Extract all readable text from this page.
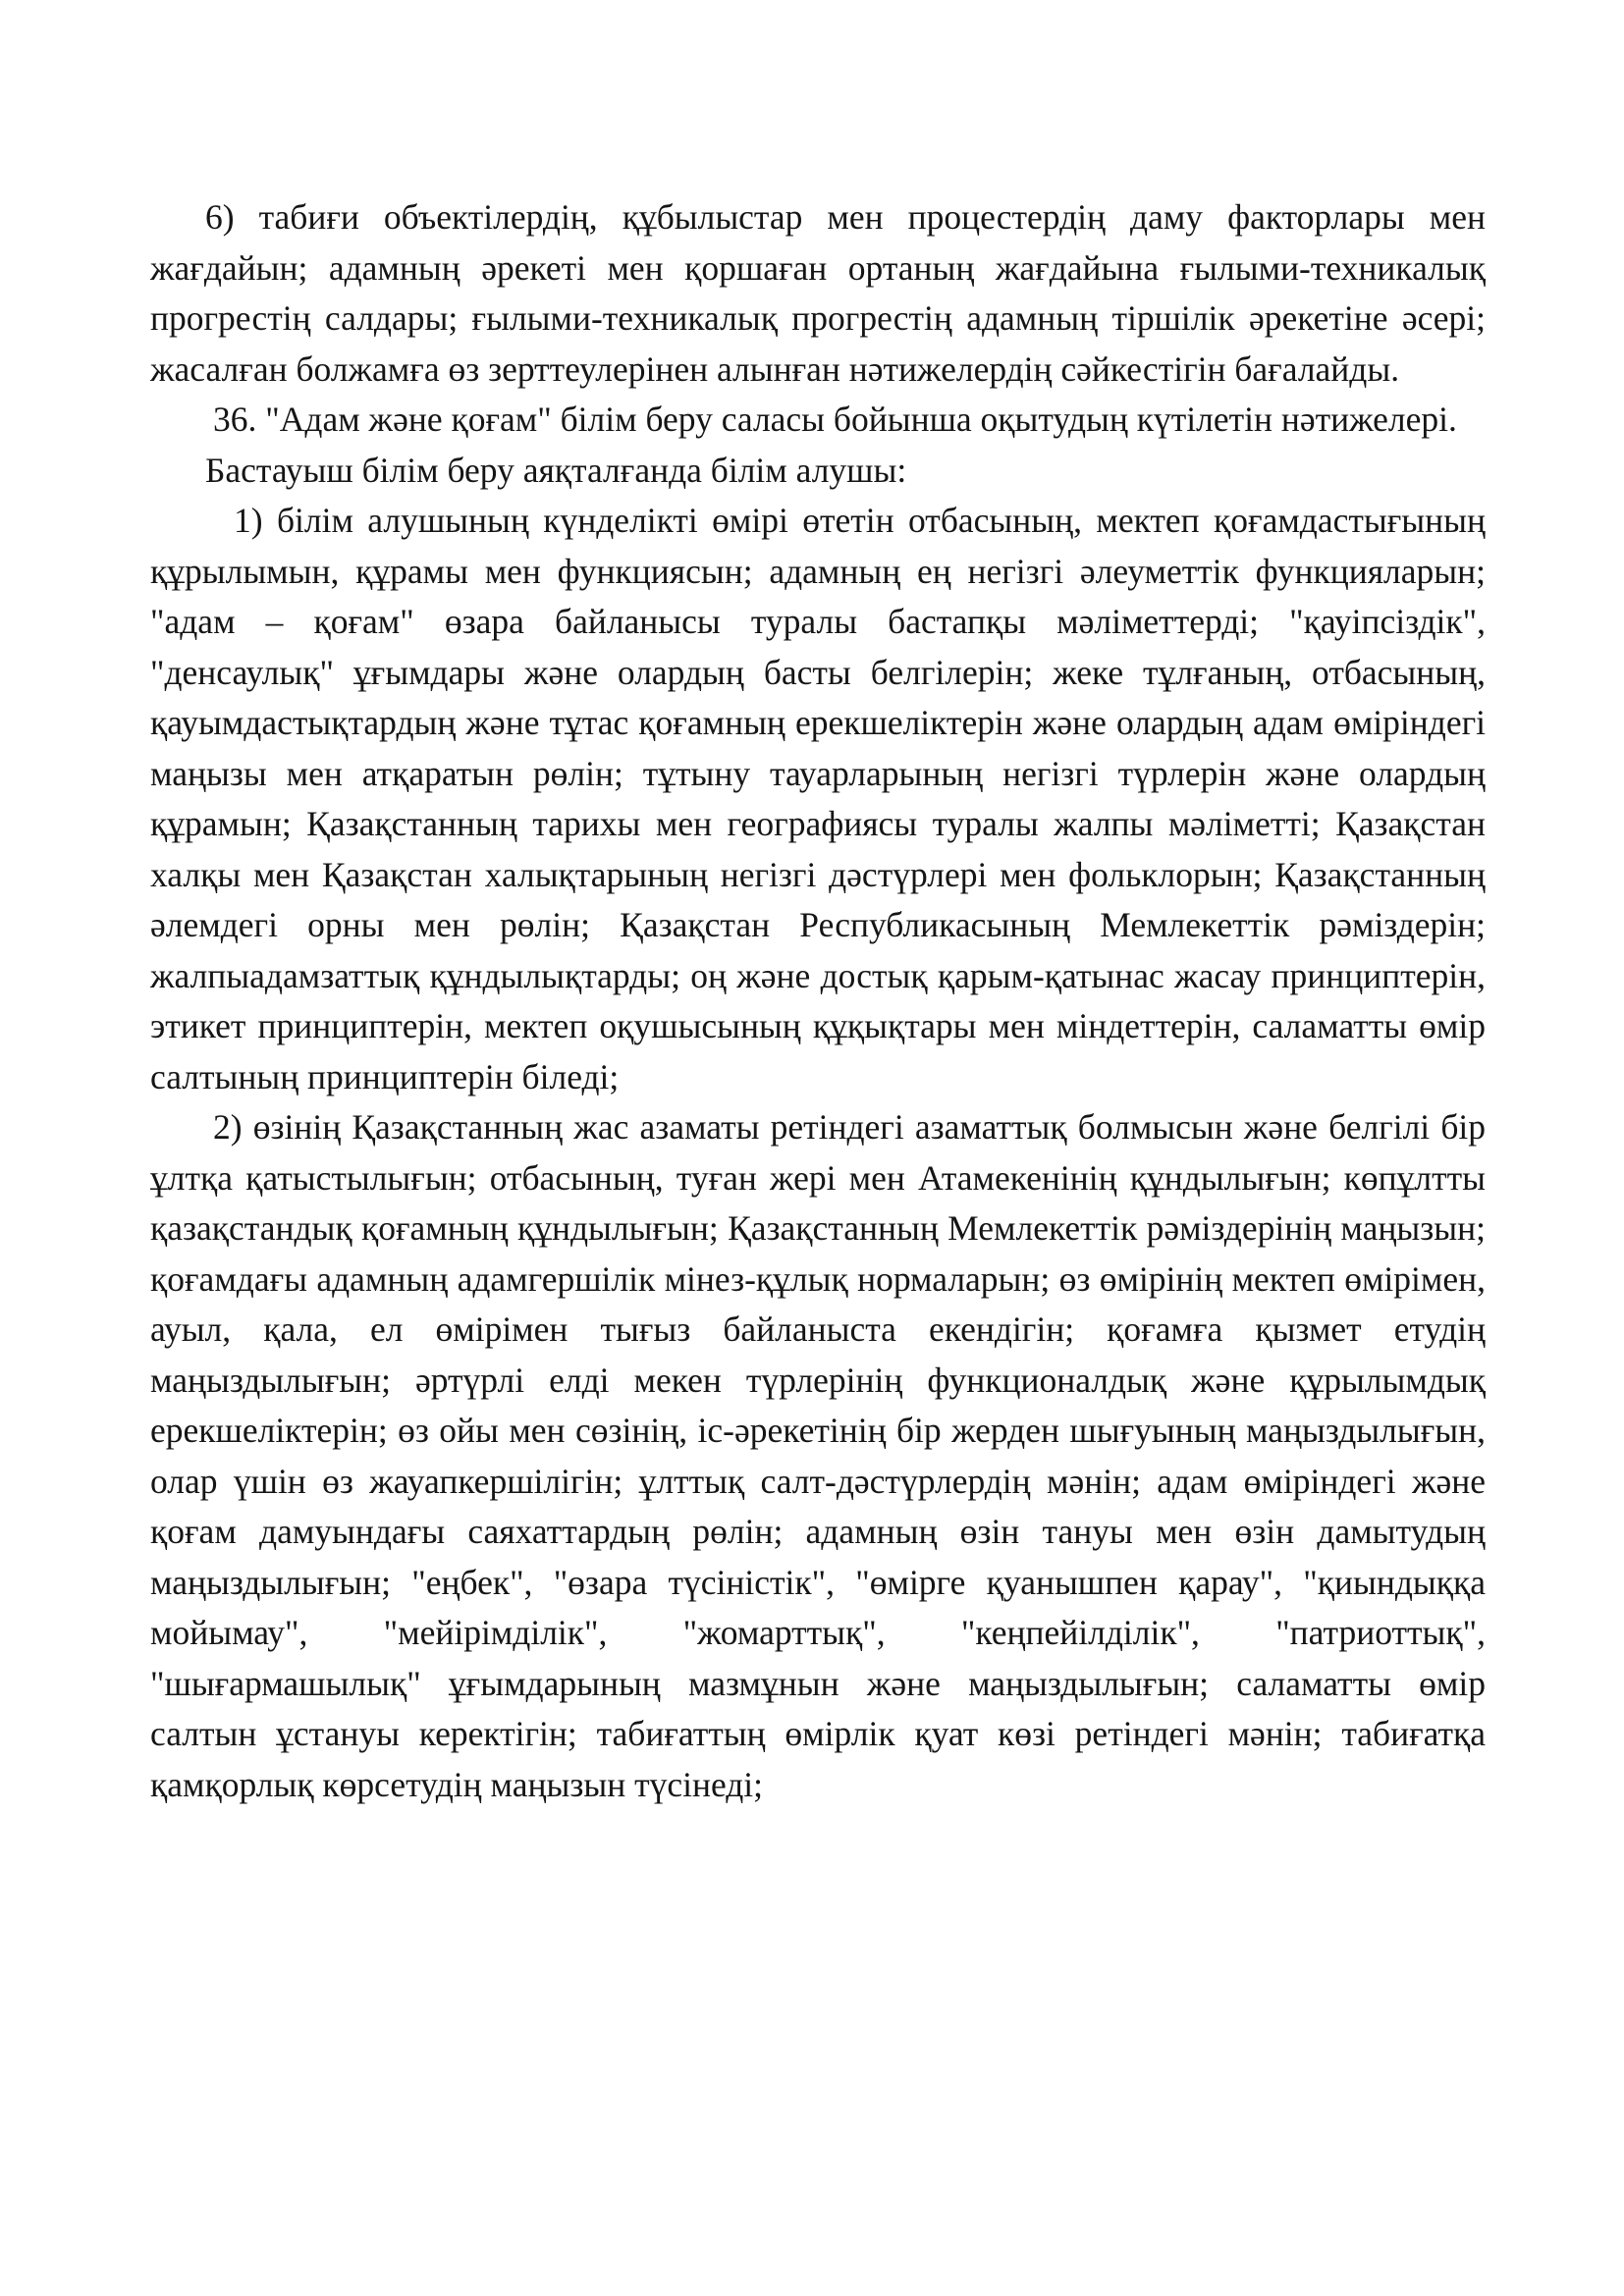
6) табиғи объектілердің, құбылыстар мен процестердің даму факторлары мен жағдайын; адамның әрекеті мен қоршаған ортаның жағдайына ғылыми-техникалық прогрестің салдары; ғылыми-техникалық прогрестің адамның тіршілік әрекетіне әсері; жасалған болжамға өз зерттеулерінен алынған нәтижелердің сәйкестігін бағалайды.

36. "Адам және қоғам" білім беру саласы бойынша оқытудың күтілетін нәтижелері.

Бастауыш білім беру аяқталғанда білім алушы:

1) білім алушының күнделікті өмірі өтетін отбасының, мектеп қоғамдастығының құрылымын, құрамы мен функциясын; адамның ең негізгі әлеуметтік функцияларын; "адам – қоғам" өзара байланысы туралы бастапқы мәліметтерді; "қауіпсіздік", "денсаулық" ұғымдары және олардың басты белгілерін; жеке тұлғаның, отбасының, қауымдастықтардың және тұтас қоғамның ерекшеліктерін және олардың адам өміріндегі маңызы мен атқаратын рөлін; тұтыну тауарларының негізгі түрлерін және олардың құрамын; Қазақстанның тарихы мен географиясы туралы жалпы мәліметті; Қазақстан халқы мен Қазақстан халықтарының негізгі дәстүрлері мен фольклорын; Қазақстанның әлемдегі орны мен рөлін; Қазақстан Республикасының Мемлекеттік рәміздерін; жалпыадамзаттық құндылықтарды; оң және достық қарым-қатынас жасау принциптерін, этикет принциптерін, мектеп оқушысының құқықтары мен міндеттерін, саламатты өмір салтының принциптерін біледі;

2) өзінің Қазақстанның жас азаматы ретіндегі азаматтық болмысын және белгілі бір ұлтқа қатыстылығын; отбасының, туған жері мен Атамекенінің құндылығын; көпұлтты қазақстандық қоғамның құндылығын; Қазақстанның Мемлекеттік рәміздерінің маңызын; қоғамдағы адамның адамгершілік мінез-құлық нормаларын; өз өмірінің мектеп өмірімен, ауыл, қала, ел өмірімен тығыз байланыста екендігін; қоғамға қызмет етудің маңыздылығын; әртүрлі елді мекен түрлерінің функционалдық және құрылымдық ерекшеліктерін; өз ойы мен сөзінің, іс-әрекетінің бір жерден шығуының маңыздылығын, олар үшін өз жауапкершілігін; ұлттық салт-дәстүрлердің мәнін; адам өміріндегі және қоғам дамуындағы саяхаттардың рөлін; адамның өзін тануы мен өзін дамытудың маңыздылығын; "еңбек", "өзара түсіністік", "өмірге қуанышпен қарау", "қиындыққа мойымау", "мейірімділік", "жомарттық", "кеңпейілділік", "патриоттық", "шығармашылық" ұғымдарының мазмұнын және маңыздылығын; саламатты өмір салтын ұстануы керектігін; табиғаттың өмірлік қуат көзі ретіндегі мәнін; табиғатқа қамқорлық көрсетудің маңызын түсінеді;
